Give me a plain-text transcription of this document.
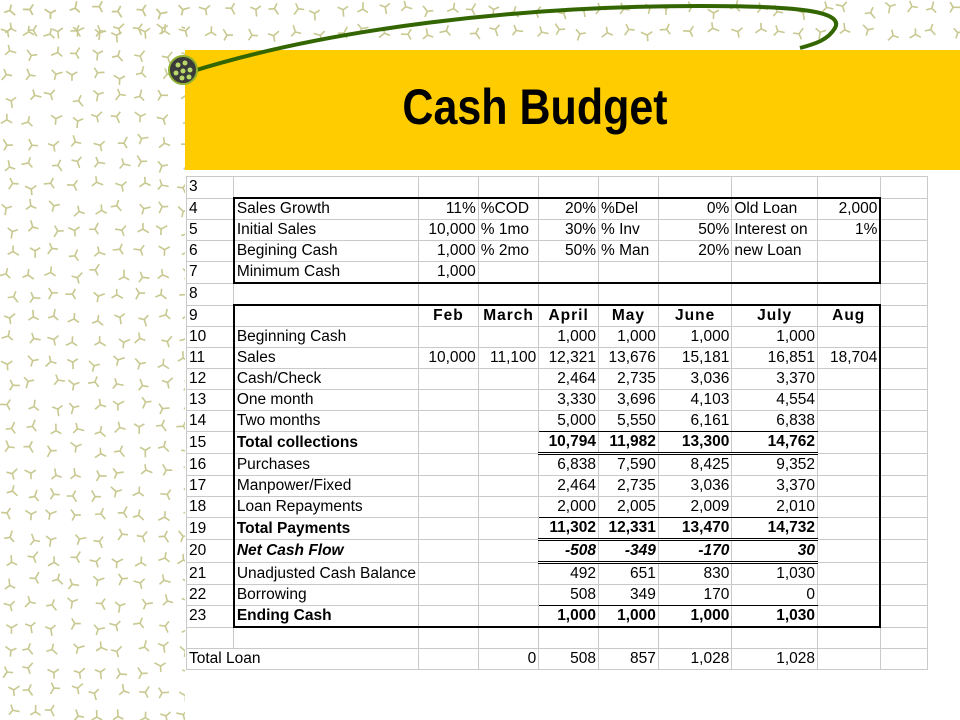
Cash Budget
3									
4	Sales Growth	11%	%COD	20%	%Del	0%	Old Loan	2,000	
5	Initial Sales	10,000	% 1mo	30%	% Inv	50%	Interest on	1%	
6	Begining Cash	1,000	% 2mo	50%	% Man	20%	new Loan		
7	Minimum Cash	1,000							
8									
9		Feb	March	April	May	June	July	Aug	
10	Beginning Cash			1,000	1,000	1,000	1,000		
11	Sales	10,000	11,100	12,321	13,676	15,181	16,851	18,704	
12	Cash/Check			2,464	2,735	3,036	3,370		
13	One month			3,330	3,696	4,103	4,554		
14	Two months			5,000	5,550	6,161	6,838		
15	Total collections			10,794	11,982	13,300	14,762		
16	Purchases			6,838	7,590	8,425	9,352		
17	Manpower/Fixed			2,464	2,735	3,036	3,370		
18	Loan Repayments			2,000	2,005	2,009	2,010		
19	Total Payments			11,302	12,331	13,470	14,732		
20	Net Cash Flow			-508	-349	-170	30		
21	Unadjusted Cash Balance			492	651	830	1,030		
22	Borrowing			508	349	170	0		
23	Ending Cash			1,000	1,000	1,000	1,030		

Total Loan			0	508	857	1,028	1,028		
